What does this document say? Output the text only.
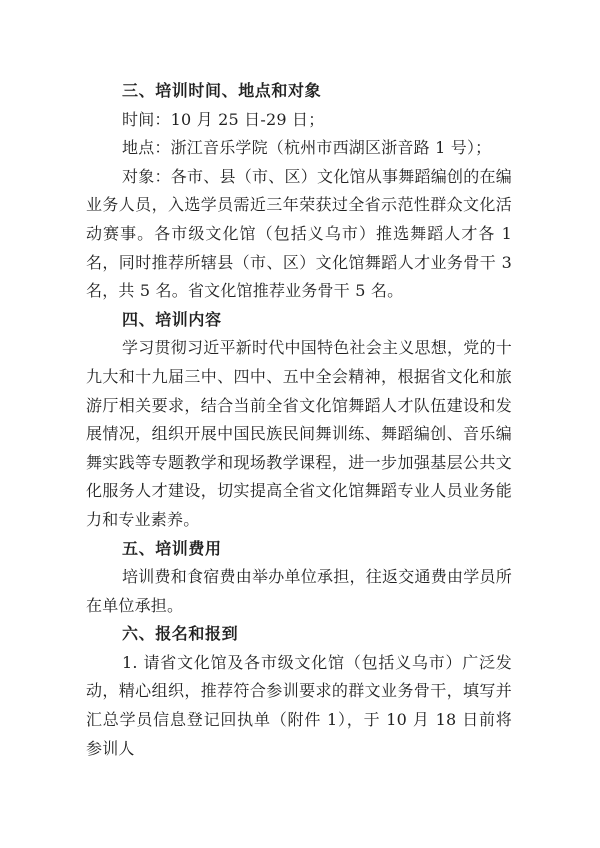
三、培训时间、地点和对象
时间：10 月 25 日-29 日；
地点：浙江音乐学院（杭州市西湖区浙音路 1 号）；
对象：各市、县（市、区）文化馆从事舞蹈编创的在编业务人员，入选学员需近三年荣获过全省示范性群众文化活动赛事。各市级文化馆（包括义乌市）推选舞蹈人才各 1 名，同时推荐所辖县（市、区）文化馆舞蹈人才业务骨干 3 名，共 5 名。省文化馆推荐业务骨干 5 名。
四、培训内容
学习贯彻习近平新时代中国特色社会主义思想，党的十九大和十九届三中、四中、五中全会精神，根据省文化和旅游厅相关要求，结合当前全省文化馆舞蹈人才队伍建设和发展情况，组织开展中国民族民间舞训练、舞蹈编创、音乐编舞实践等专题教学和现场教学课程，进一步加强基层公共文化服务人才建设，切实提高全省文化馆舞蹈专业人员业务能力和专业素养。
五、培训费用
培训费和食宿费由举办单位承担，往返交通费由学员所在单位承担。
六、报名和报到
1. 请省文化馆及各市级文化馆（包括义乌市）广泛发动，精心组织，推荐符合参训要求的群文业务骨干，填写并汇总学员信息登记回执单（附件 1），于 10 月 18 日前将参训人
